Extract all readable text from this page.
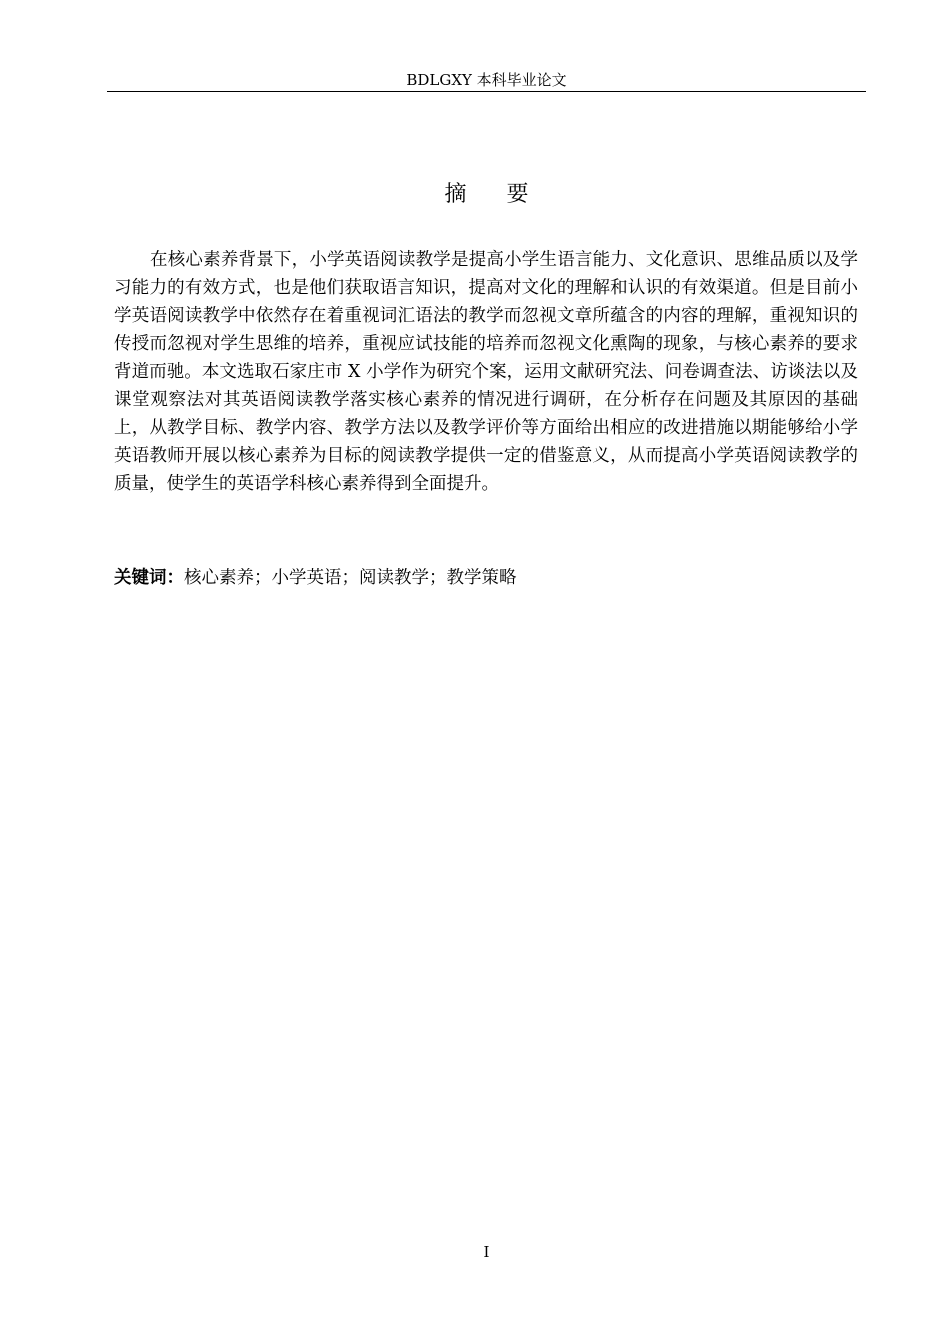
BDLGXY 本科毕业论文
摘要

在核心素养背景下，小学英语阅读教学是提高小学生语言能力、文化意识、思维品质以及学习能力的有效方式，也是他们获取语言知识，提高对文化的理解和认识的有效渠道。但是目前小学英语阅读教学中依然存在着重视词汇语法的教学而忽视文章所蕴含的内容的理解，重视知识的传授而忽视对学生思维的培养，重视应试技能的培养而忽视文化熏陶的现象，与核心素养的要求背道而驰。本文选取石家庄市 X 小学作为研究个案，运用文献研究法、问卷调查法、访谈法以及课堂观察法对其英语阅读教学落实核心素养的情况进行调研，在分析存在问题及其原因的基础上，从教学目标、教学内容、教学方法以及教学评价等方面给出相应的改进措施以期能够给小学英语教师开展以核心素养为目标的阅读教学提供一定的借鉴意义，从而提高小学英语阅读教学的质量，使学生的英语学科核心素养得到全面提升。

关键词：核心素养；小学英语；阅读教学；教学策略

I
